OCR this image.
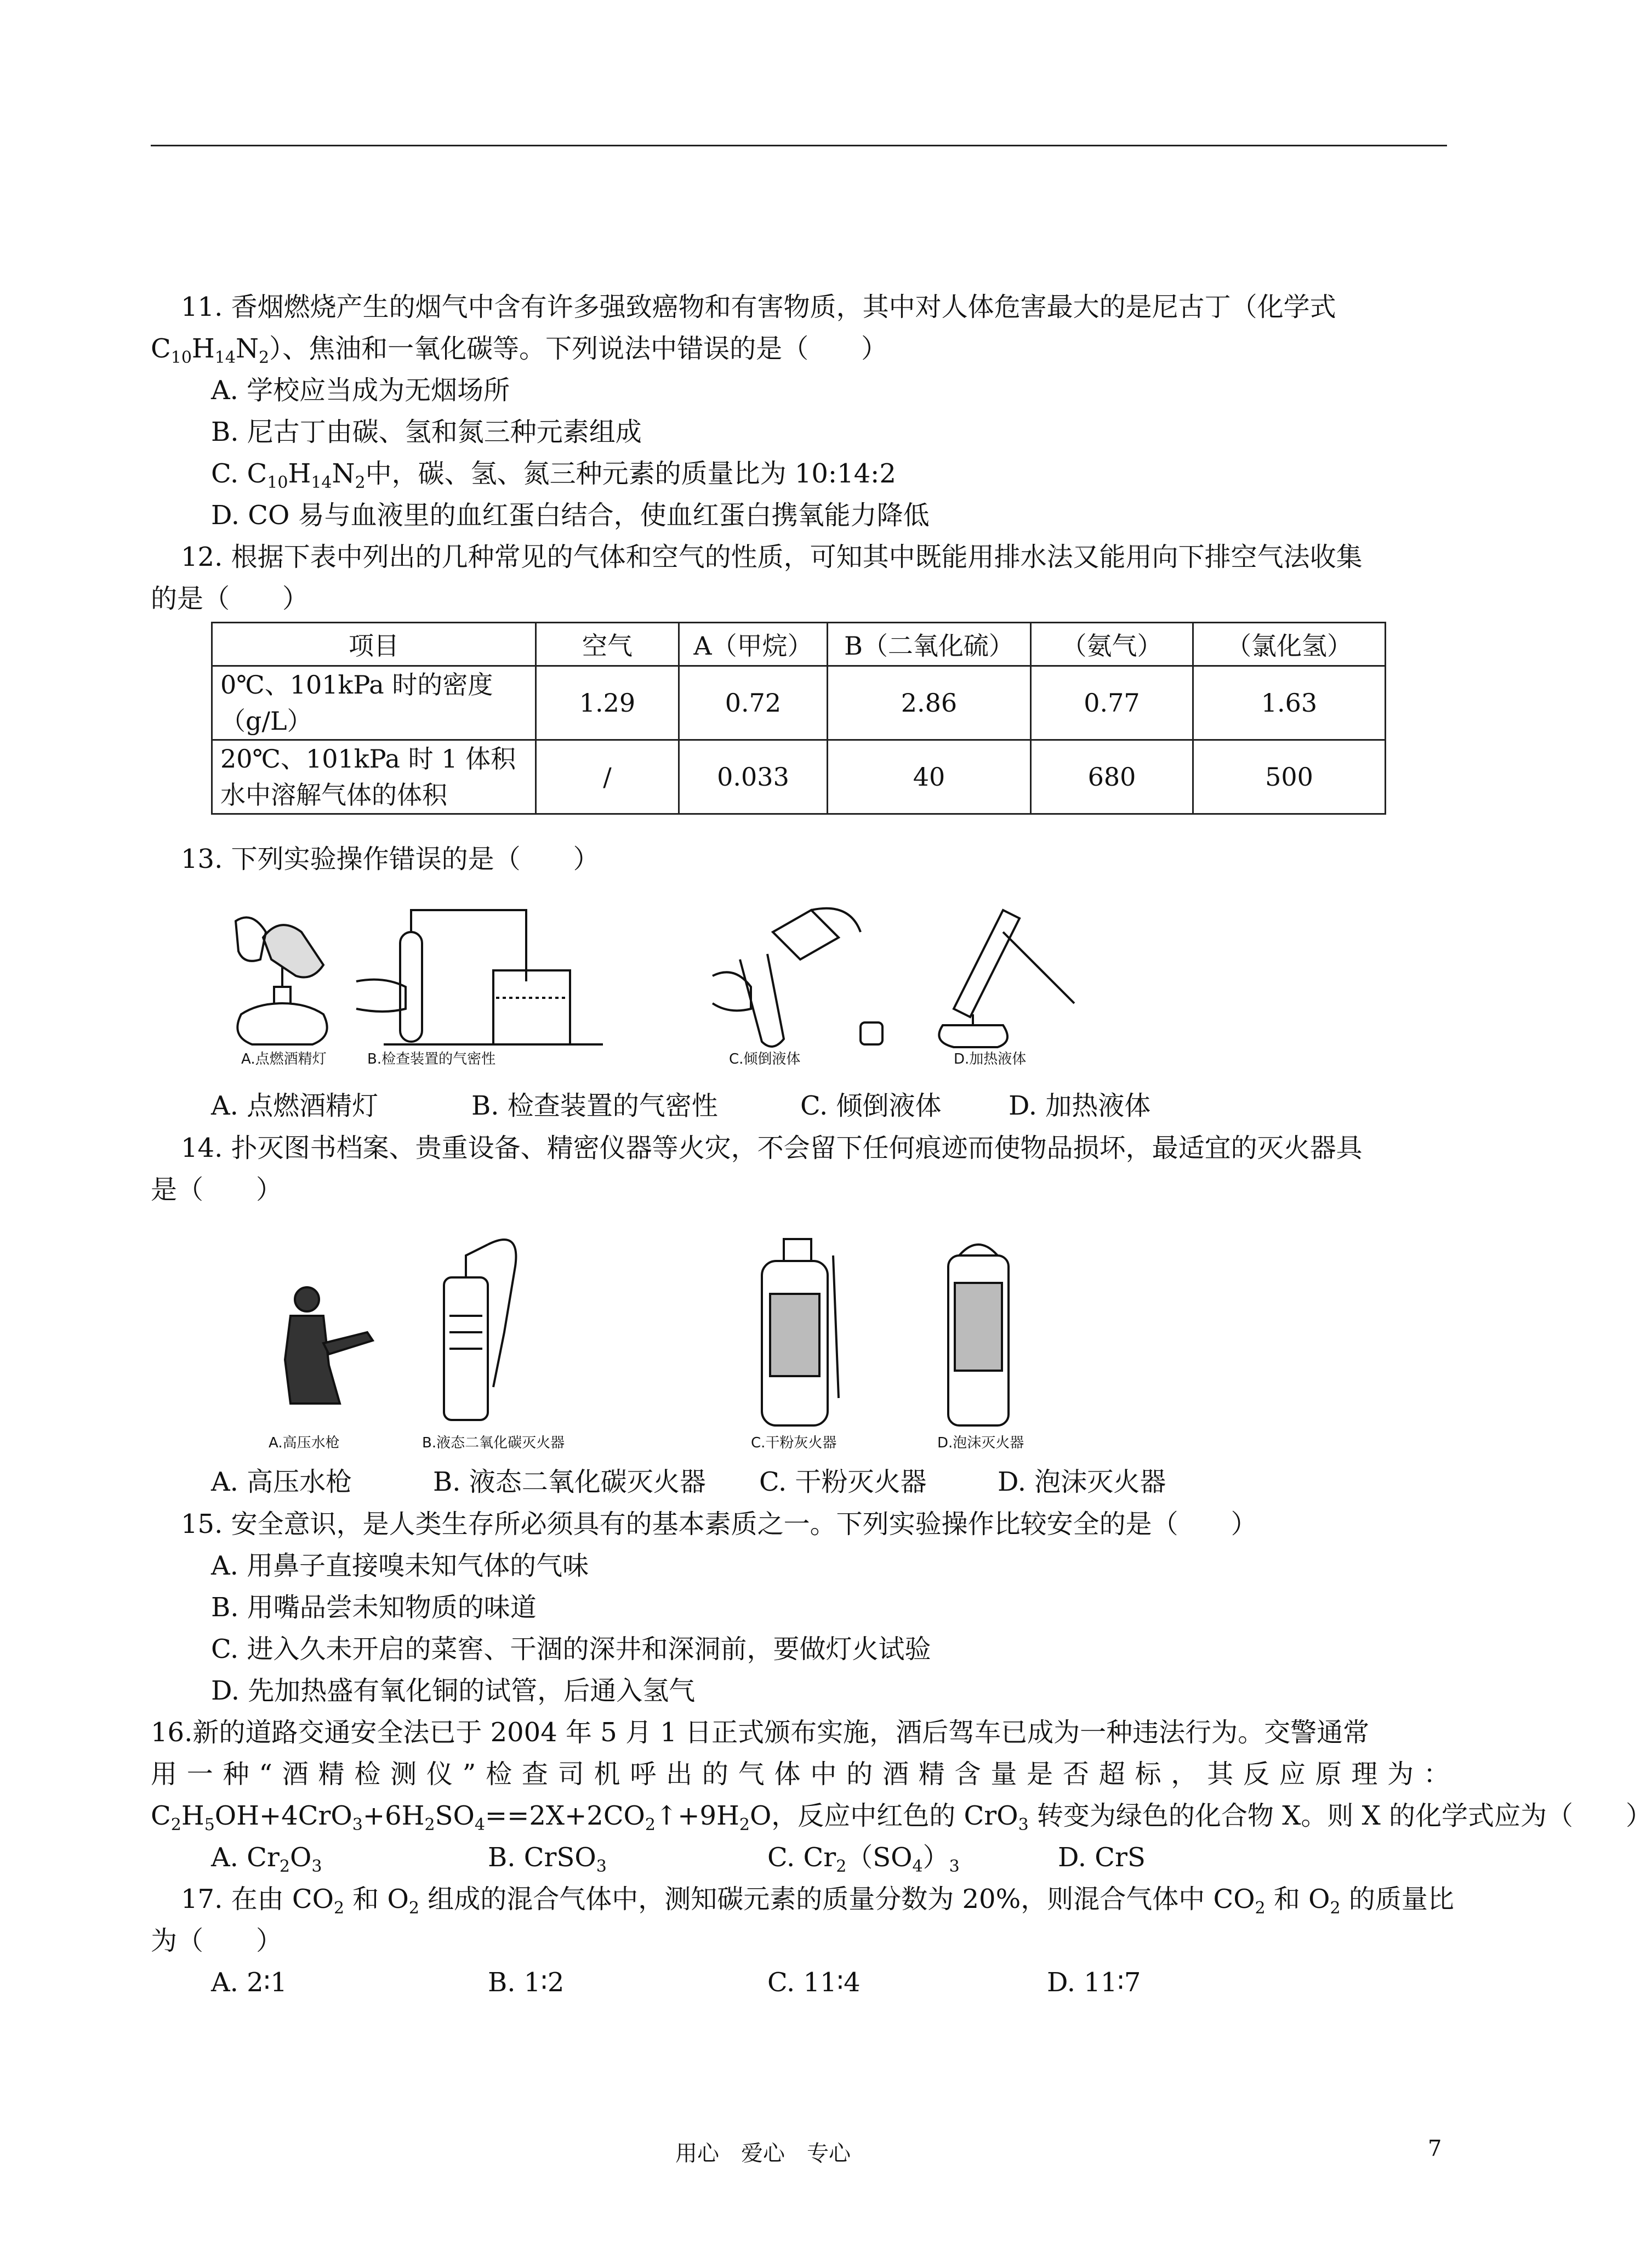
11. 香烟燃烧产生的烟气中含有许多强致癌物和有害物质，其中对人体危害最大的是尼古丁（化学式
$C_{10}H_{14}N_2$）、焦油和一氧化碳等。下列说法中错误的是（　　）
A. 学校应当成为无烟场所
B. 尼古丁由碳、氢和氮三种元素组成
C. $C_{10}H_{14}N_2$中，碳、氢、氮三种元素的质量比为 10:14:2
D. CO 易与血液里的血红蛋白结合，使血红蛋白携氧能力降低
12. 根据下表中列出的几种常见的气体和空气的性质，可知其中既能用排水法又能用向下排空气法收集
的是（　　）
项目	空气	A（甲烷）	B（二氧化硫）	（氨气）	（氯化氢）

0℃、101kPa 时的密度
（g/L）	1.29	0.72	2.86	0.77	1.63

20℃、101kPa 时 1 体积
水中溶解气体的体积	/	0.033	40	680	500
13. 下列实验操作错误的是（　　）
A.点燃酒精灯	B.检查装置的气密性	C.倾倒液体	D.加热液体
A. 点燃酒精灯	B. 检查装置的气密性	C. 倾倒液体	D. 加热液体
14. 扑灭图书档案、贵重设备、精密仪器等火灾，不会留下任何痕迹而使物品损坏，最适宜的灭火器具
是（　　）
A.高压水枪	B.液态二氧化碳灭火器	C.干粉灰火器	D.泡沫灭火器
A. 高压水枪	B. 液态二氧化碳灭火器 C. 干粉灭火器	D. 泡沫灭火器
15. 安全意识，是人类生存所必须具有的基本素质之一。下列实验操作比较安全的是（　　）
A. 用鼻子直接嗅未知气体的气味
B. 用嘴品尝未知物质的味道
C. 进入久未开启的菜窖、干涸的深井和深洞前，要做灯火试验
D. 先加热盛有氧化铜的试管，后通入氢气
16.新的道路交通安全法已于 2004 年 5 月 1 日正式颁布实施，酒后驾车已成为一种违法行为。交警通常
用一种“酒精检测仪”检查司机呼出的气体中的酒精含量是否超标，其反应原理为：
$C_2H_5OH+4CrO_3+6H_2SO_4==2X+2CO_2↑+9H_2O$，反应中红色的 CrO$_3$ 转变为绿色的化合物 X。则 X 的化学式应为（　　）
A. $Cr_2O_3$	B. CrSO$_3$	C. $Cr_2(SO_4)_3$	D. CrS
17. 在由 $CO_2$ 和 $O_2$ 组成的混合气体中，测知碳元素的质量分数为 20%，则混合气体中 $CO_2$ 和 $O_2$ 的质量比
为（　　）
A. 2∶1	B. 1∶2	C. 11∶4	D. 11∶7
用心　爱心　专心	7
